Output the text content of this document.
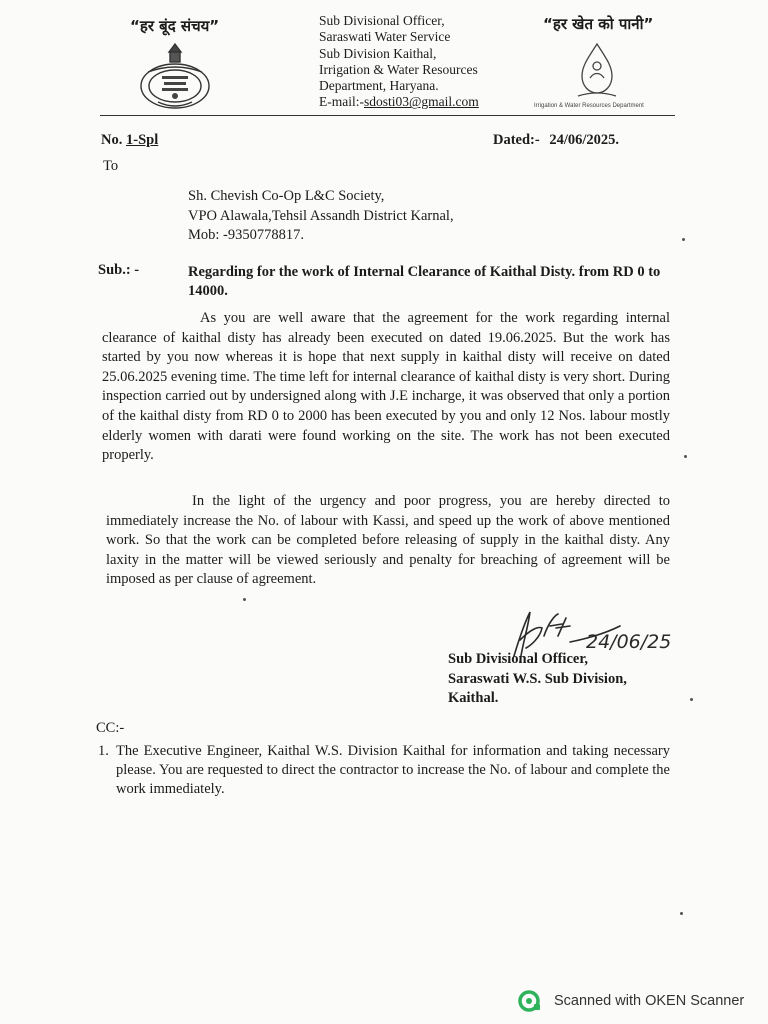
“हर बूंद संचय”	“हर खेत को पानी”
Sub Divisional Officer,
Saraswati Water Service
Sub Division Kaithal,
Irrigation & Water Resources
Department, Haryana.
E-mail:-sdosti03@gmail.com	Irrigation & Water Resources Department
No. 1-Spl	Dated:- 24/06/2025.
To
Sh. Chevish Co-Op L&C Society,
VPO Alawala,Tehsil Assandh District Karnal,
Mob: -9350778817.
Sub.: -	Regarding for the work of Internal Clearance of Kaithal Disty. from RD 0 to 14000.
As you are well aware that the agreement for the work regarding internal clearance of kaithal disty has already been executed on dated 19.06.2025. But the work has started by you now whereas it is hope that next supply in kaithal disty will receive on dated 25.06.2025 evening time. The time left for internal clearance of kaithal disty is very short. During inspection carried out by undersigned along with J.E incharge, it was observed that only a portion of the kaithal disty from RD 0 to 2000 has been executed by you and only 12 Nos. labour mostly elderly women with darati were found working on the site. The work has not been executed properly.
In the light of the urgency and poor progress, you are hereby directed to immediately increase the No. of labour with Kassi, and speed up the work of above mentioned work. So that the work can be completed before releasing of supply in the kaithal disty. Any laxity in the matter will be viewed seriously and penalty for breaching of agreement will be imposed as per clause of agreement.
24/06/25
Sub Divisional Officer,
Saraswati W.S. Sub Division,
Kaithal.
CC:-
1. The Executive Engineer, Kaithal W.S. Division Kaithal for information and taking necessary please. You are requested to direct the contractor to increase the No. of labour and complete the work immediately.
Scanned with OKEN Scanner
